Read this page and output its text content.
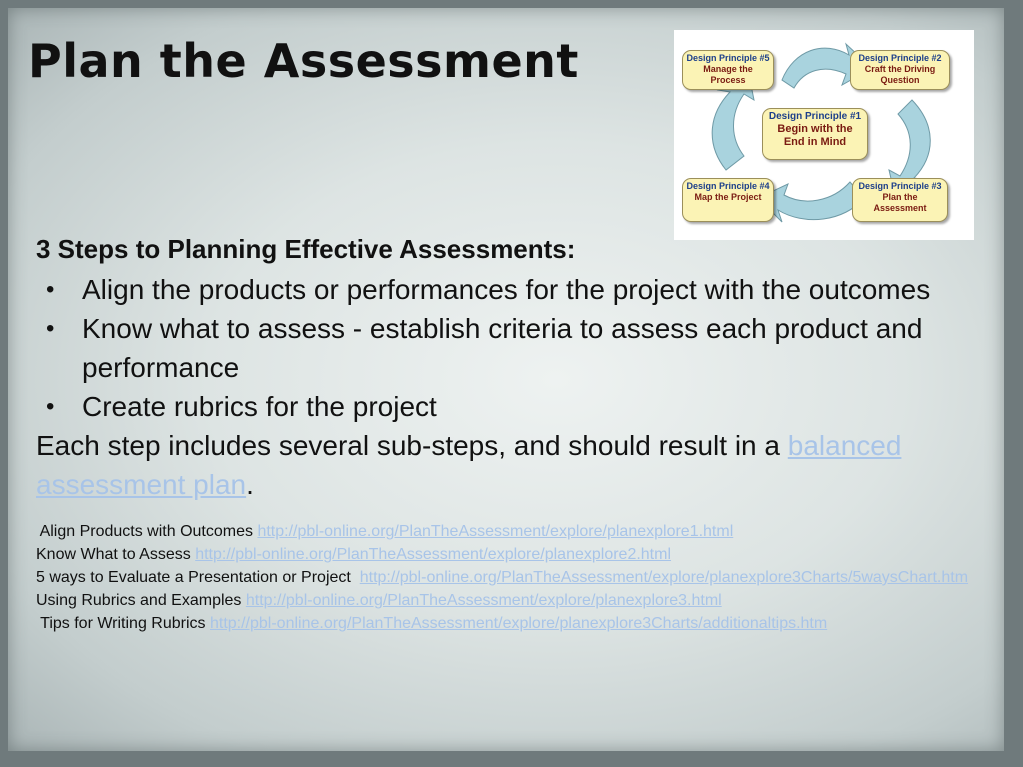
Plan the Assessment	Design Principle #5
Manage the Process
Design Principle #2
Craft the Driving Question
Design Principle #1
Begin with the End in Mind
Design Principle #4
Map the Project
Design Principle #3
Plan the Assessment

3 Steps to Planning Effective Assessments:

• Align the products or performances for the project with the outcomes
• Know what to assess - establish criteria to assess each product and performance
• Create rubrics for the project

Each step includes several sub-steps, and should result in a balanced assessment plan.

Align Products with Outcomes http://pbl-online.org/PlanTheAssessment/explore/planexplore1.html

Know What to Assess http://pbl-online.org/PlanTheAssessment/explore/planexplore2.html

5 ways to Evaluate a Presentation or Project  http://pbl-online.org/PlanTheAssessment/explore/planexplore3Charts/5waysChart.htm

Using Rubrics and Examples http://pbl-online.org/PlanTheAssessment/explore/planexplore3.html

Tips for Writing Rubrics http://pbl-online.org/PlanTheAssessment/explore/planexplore3Charts/additionaltips.htm
